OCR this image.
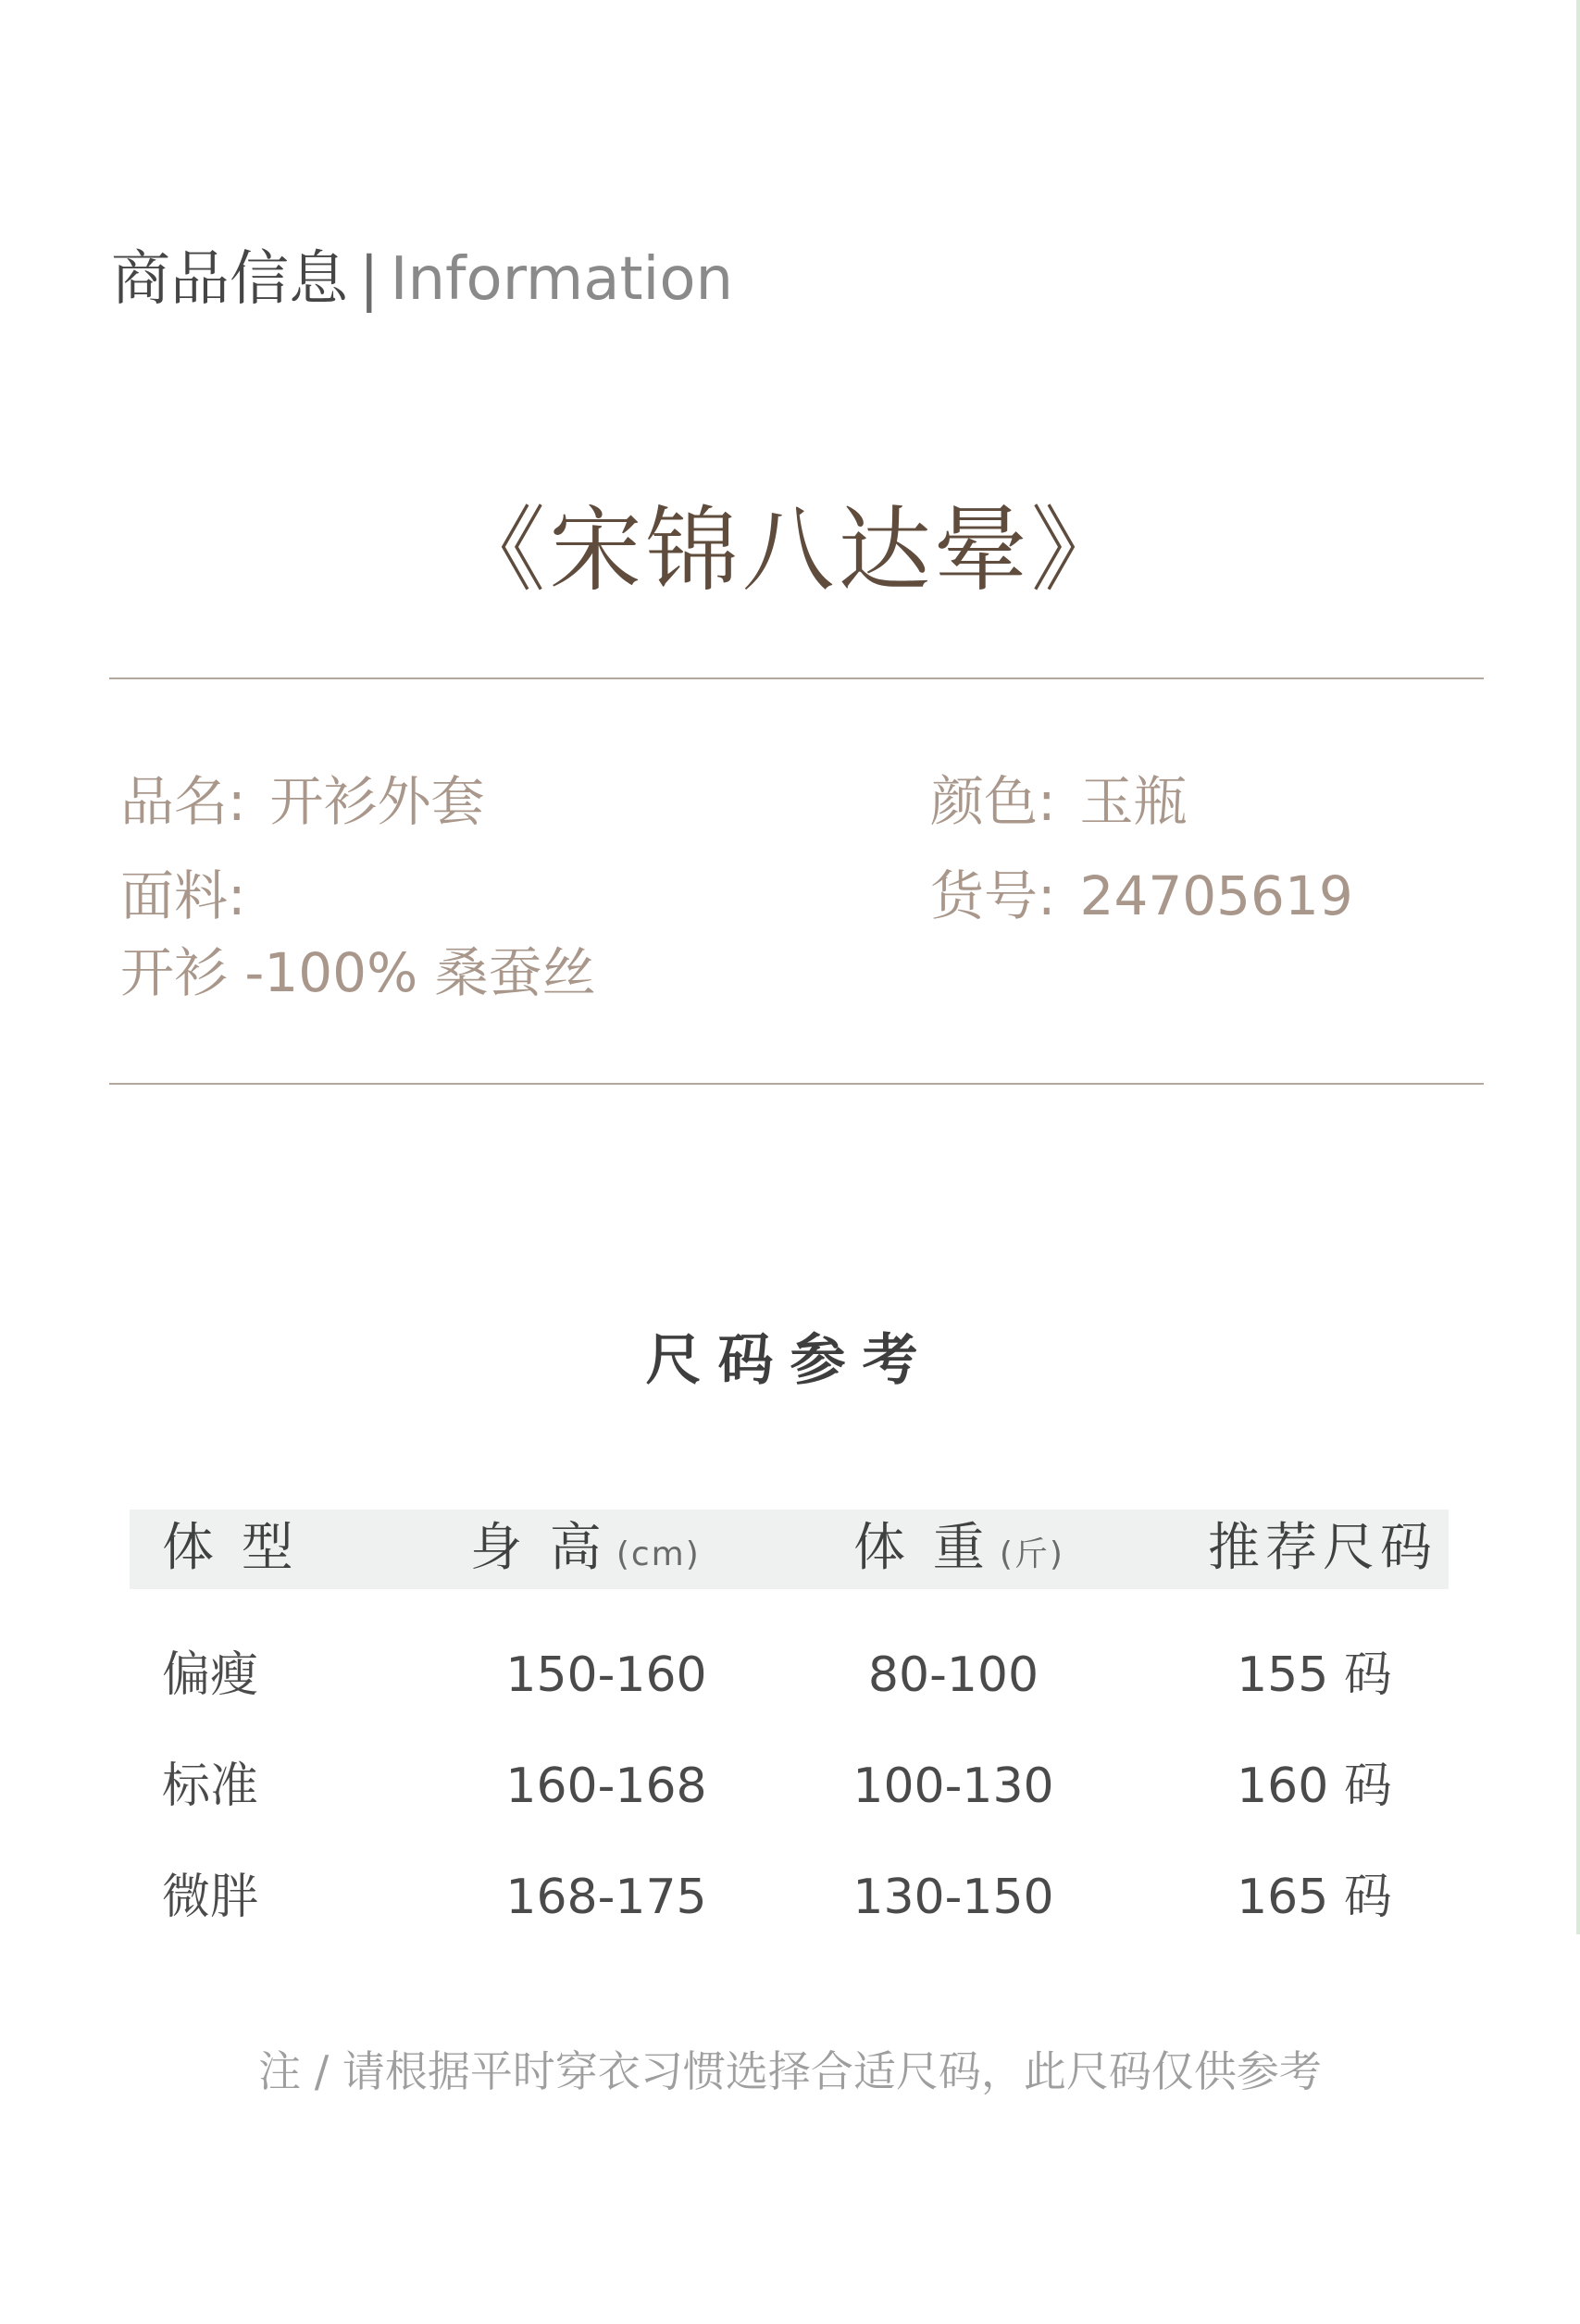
商品信息 | Information
《宋锦八达晕》
品名: 开衫外套	颜色: 玉瓶
面料:	货号: 24705619
开衫 -100% 桑蚕丝
尺码参考
体 型	身 高 (cm)	体 重 (斤)	推荐尺码
偏瘦	150-160	80-100	155 码
标准	160-168	100-130	160 码
微胖	168-175	130-150	165 码
注 / 请根据平时穿衣习惯选择合适尺码，此尺码仅供参考
